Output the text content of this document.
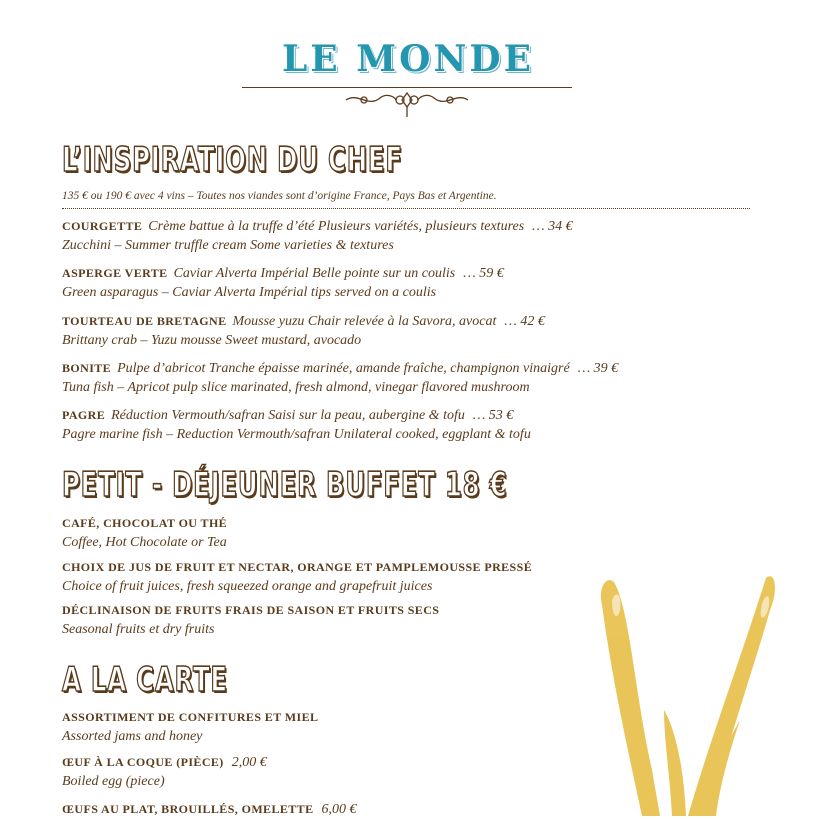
LE MONDE
L’INSPIRATION DU CHEF
135 € ou 190 € avec 4 vins – Toutes nos viandes sont d’origine France, Pays Bas et Argentine.
COURGETTE Crème battue à la truffe d’été Plusieurs variétés, plusieurs textures … 34 €
Zucchini – Summer truffle cream Some varieties & textures
ASPERGE VERTE Caviar Alverta Impérial Belle pointe sur un coulis … 59 €
Green asparagus – Caviar Alverta Impérial tips served on a coulis
TOURTEAU DE BRETAGNE Mousse yuzu Chair relevée à la Savora, avocat … 42 €
Brittany crab – Yuzu mousse Sweet mustard, avocado
BONITE Pulpe d’abricot Tranche épaisse marinée, amande fraîche, champignon vinaigré … 39 €
Tuna fish – Apricot pulp slice marinated, fresh almond, vinegar flavored mushroom
PAGRE Réduction Vermouth/safran Saisi sur la peau, aubergine & tofu … 53 €
Pagre marine fish – Reduction Vermouth/safran Unilateral cooked, eggplant & tofu
PETIT - DÉJEUNER BUFFET 18 €
CAFÉ, CHOCOLAT OU THÉ
Coffee, Hot Chocolate or Tea
CHOIX DE JUS DE FRUIT ET NECTAR, ORANGE ET PAMPLEMOUSSE PRESSÉ
Choice of fruit juices, fresh squeezed orange and grapefruit juices
DÉCLINAISON DE FRUITS FRAIS DE SAISON ET FRUITS SECS
Seasonal fruits et dry fruits
A LA CARTE
ASSORTIMENT DE CONFITURES ET MIEL
Assorted jams and honey
ŒUF À LA COQUE (PIÈCE) 2,00 €
Boiled egg (piece)
ŒUFS AU PLAT, BROUILLÉS, OMELETTE 6,00 €
